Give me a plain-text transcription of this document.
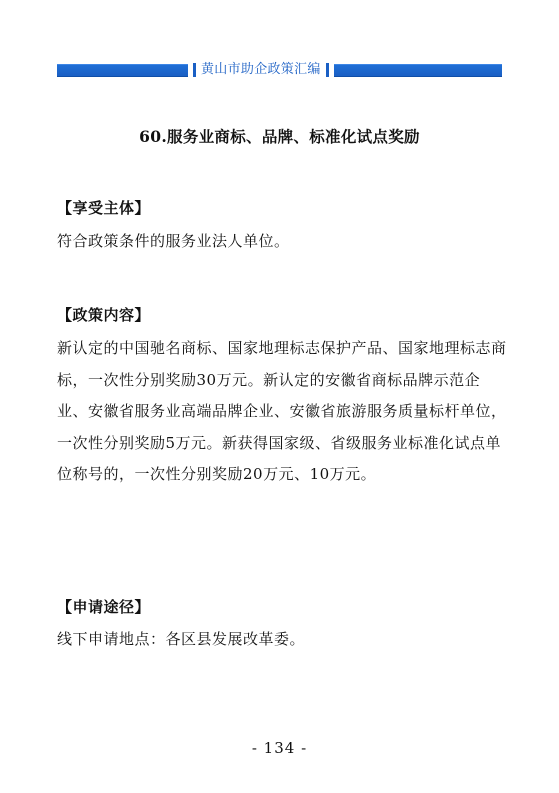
黄山市助企政策汇编
60.服务业商标、品牌、标准化试点奖励
【享受主体】

符合政策条件的服务业法人单位。

【政策内容】

新认定的中国驰名商标、国家地理标志保护产品、国家地理标志商标，一次性分别奖励30万元。新认定的安徽省商标品牌示范企业、安徽省服务业高端品牌企业、安徽省旅游服务质量标杆单位，一次性分别奖励5万元。新获得国家级、省级服务业标准化试点单位称号的，一次性分别奖励20万元、10万元。

【申请途径】

线下申请地点：各区县发展改革委。

- 134 -
